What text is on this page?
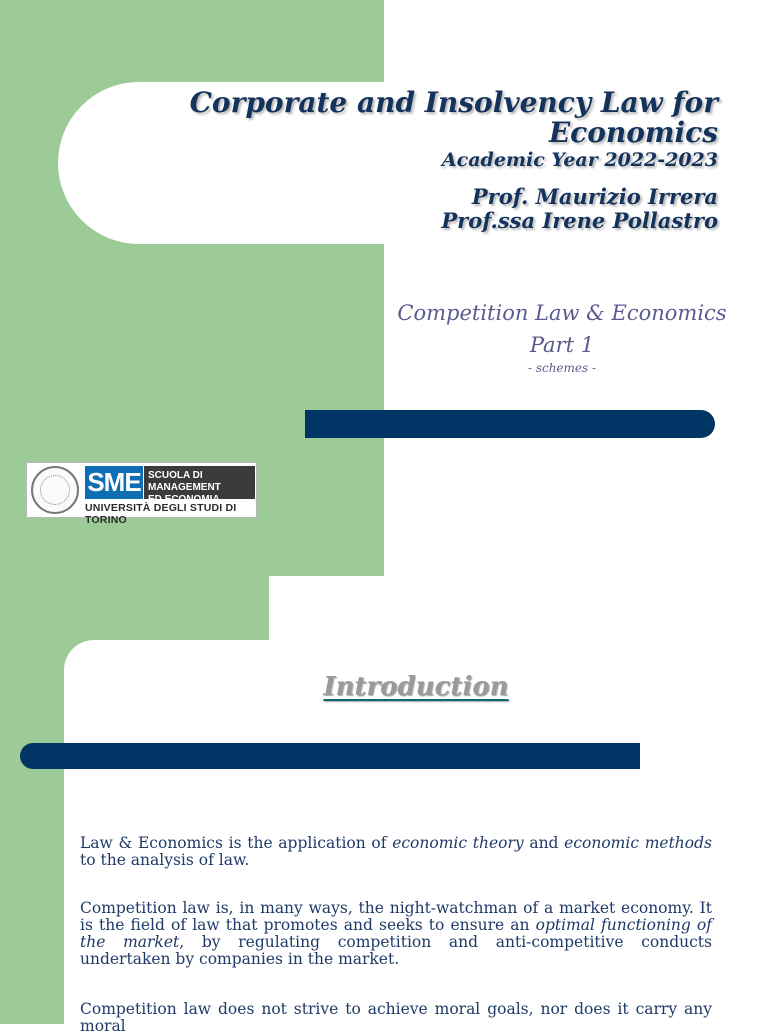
Corporate and Insolvency Law for
Economics
Academic Year 2022-2023
Prof. Maurizio Irrera
Prof.ssa Irene Pollastro
Competition Law & Economics
Part 1
- schemes -
SME SCUOLA DI MANAGEMENT
ED ECONOMIA
UNIVERSITÀ DEGLI STUDI DI TORINO
Introduction

Law & Economics is the application of economic theory and economic methods to the analysis of law.

Competition law is, in many ways, the night-watchman of a market economy. It is the field of law that promotes and seeks to ensure an optimal functioning of the market, by regulating competition and anti-competitive conducts undertaken by companies in the market.

Competition law does not strive to achieve moral goals, nor does it carry any moral
